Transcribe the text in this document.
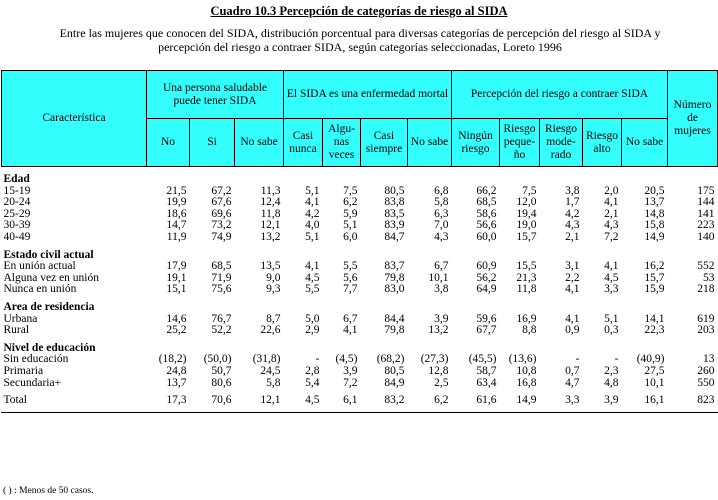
Cuadro 10.3 Percepción de categorías de riesgo al SIDA
Entre las mujeres que conocen del SIDA, distribución porcentual para diversas categorías de percepción del riesgo al SIDA y percepción del riesgo a contraer SIDA, según categorías seleccionadas, Loreto 1996
Característica	Una persona saludable puede tener SIDA			El SIDA es una enfermedad mortal				Percepción del riesgo a contraer SIDA					Número de mujeres
	No	Si	No sabe	Casi nunca	Algu-nas veces	Casi siempre	No sabe	Ningún riesgo	Riesgo peque-ño	Riesgo mode-rado	Riesgo alto	No sabe	

Edad													
15-19	21,5	67,2	11,3	5,1	7,5	80,5	6,8	66,2	7,5	3,8	2,0	20,5	175
20-24	19,9	67,6	12,4	4,1	6,2	83,8	5,8	68,5	12,0	1,7	4,1	13,7	144
25-29	18,6	69,6	11,8	4,2	5,9	83,5	6,3	58,6	19,4	4,2	2,1	14,8	141
30-39	14,7	73,2	12,1	4,0	5,1	83,9	7,0	56,6	19,0	4,3	4,3	15,8	223
40-49	11,9	74,9	13,2	5,1	6,0	84,7	4,3	60,0	15,7	2,1	7,2	14,9	140

Estado civil actual													
En unión actual	17,9	68,5	13,5	4,1	5,5	83,7	6,7	60,9	15,5	3,1	4,1	16,2	552
Alguna vez en unión	19,1	71,9	9,0	4,5	5,6	79,8	10,1	56,2	21,3	2,2	4,5	15,7	53
Nunca en unión	15,1	75,6	9,3	5,5	7,7	83,0	3,8	64,9	11,8	4,1	3,3	15,9	218

Area de residencia													
Urbana	14,6	76,7	8,7	5,0	6,7	84,4	3,9	59,6	16,9	4,1	5,1	14,1	619
Rural	25,2	52,2	22,6	2,9	4,1	79,8	13,2	67,7	8,8	0,9	0,3	22,3	203

Nivel de educación													
Sin educación	(18,2)	(50,0)	(31,8)	-	(4,5)	(68,2)	(27,3)	(45,5)	(13,6)	-	-	(40,9)	13
Primaria	24,8	50,7	24,5	2,8	3,9	80,5	12,8	58,7	10,8	0,7	2,3	27,5	260
Secundaria+	13,7	80,6	5,8	5,4	7,2	84,9	2,5	63,4	16,8	4,7	4,8	10,1	550

Total	17,3	70,6	12,1	4,5	6,1	83,2	6,2	61,6	14,9	3,3	3,9	16,1	823
( ) : Menos de 50 casos.
